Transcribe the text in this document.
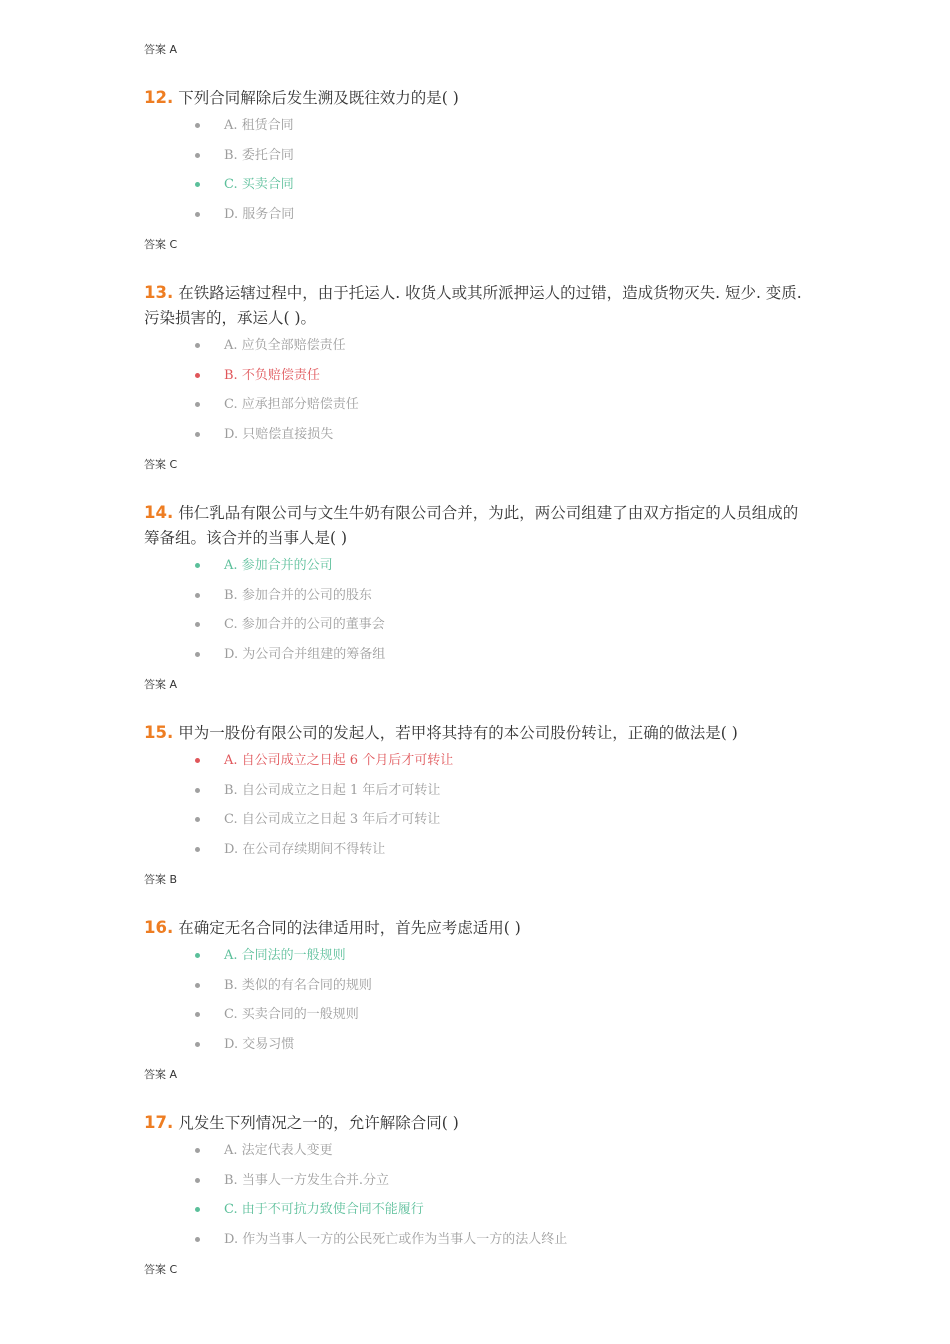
答案 A
12. 下列合同解除后发生溯及既往效力的是( )
A. 租赁合同
B. 委托合同
C. 买卖合同
D. 服务合同
答案 C
13. 在铁路运辖过程中，由于托运人. 收货人或其所派押运人的过错，造成货物灭失. 短少. 变质. 污染损害的，承运人( )。
A. 应负全部赔偿责任
B. 不负赔偿责任
C. 应承担部分赔偿责任
D. 只赔偿直接损失
答案 C
14. 伟仁乳品有限公司与文生牛奶有限公司合并，为此，两公司组建了由双方指定的人员组成的筹备组。该合并的当事人是( )
A. 参加合并的公司
B. 参加合并的公司的股东
C. 参加合并的公司的董事会
D. 为公司合并组建的筹备组
答案 A
15. 甲为一股份有限公司的发起人，若甲将其持有的本公司股份转让，正确的做法是( )
A. 自公司成立之日起 6 个月后才可转让
B. 自公司成立之日起 1 年后才可转让
C. 自公司成立之日起 3 年后才可转让
D. 在公司存续期间不得转让
答案 B
16. 在确定无名合同的法律适用时，首先应考虑适用( )
A. 合同法的一般规则
B. 类似的有名合同的规则
C. 买卖合同的一般规则
D. 交易习惯
答案 A
17. 凡发生下列情况之一的，允许解除合同( )
A. 法定代表人变更
B. 当事人一方发生合并.分立
C. 由于不可抗力致使合同不能履行
D. 作为当事人一方的公民死亡或作为当事人一方的法人终止
答案 C
